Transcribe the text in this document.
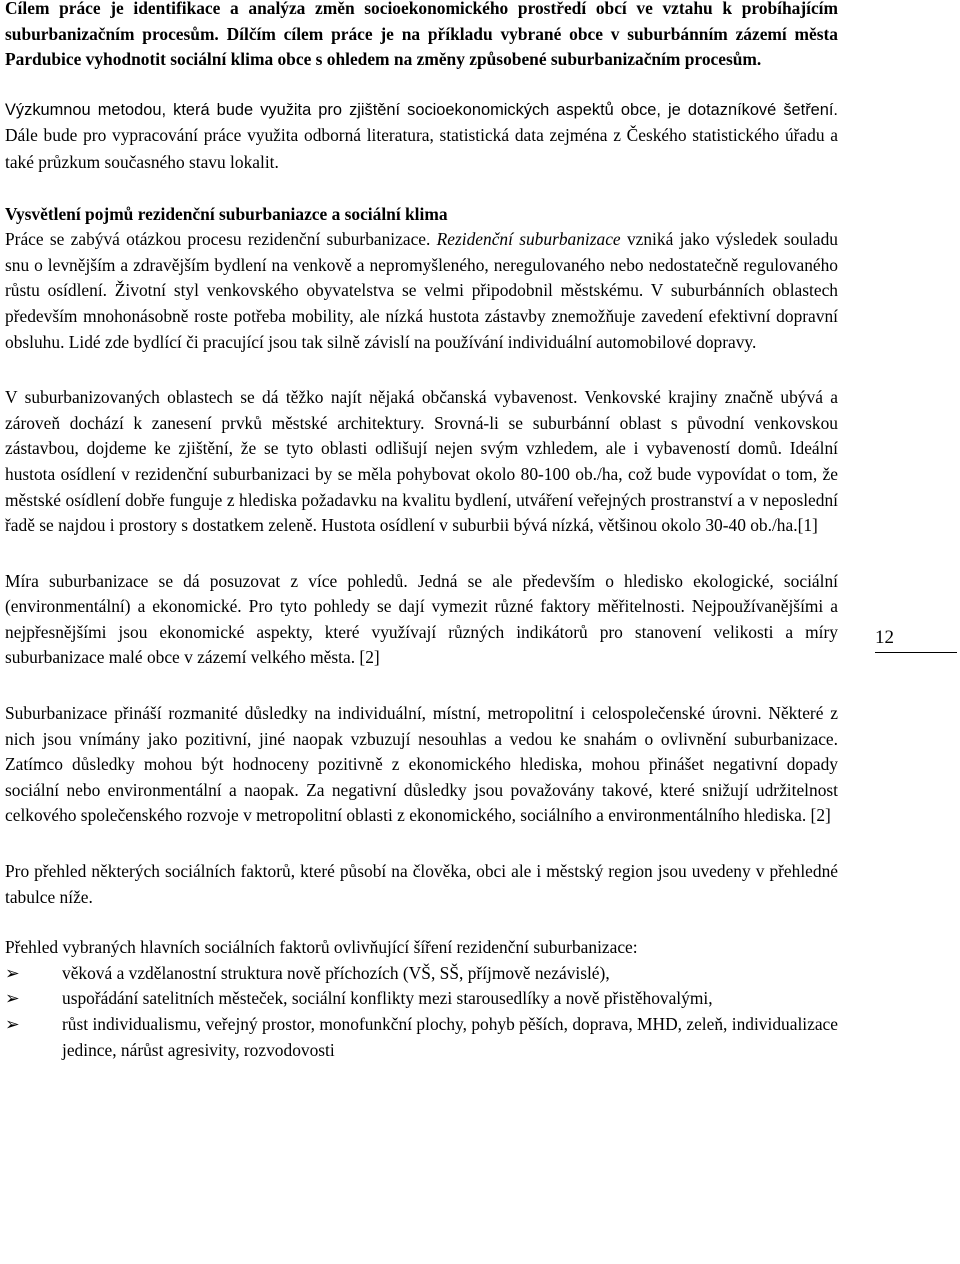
Cílem práce je identifikace a analýza změn socioekonomického prostředí obcí ve vztahu k probíhajícím suburbanizačním procesům. Dílčím cílem práce je na příkladu vybrané obce v suburbánním zázemí města Pardubice vyhodnotit sociální klima obce s ohledem na změny způsobené suburbanizačním procesům.

Výzkumnou metodou, která bude využita pro zjištění socioekonomických aspektů obce, je dotazníkové šetření. Dále bude pro vypracování práce využita odborná literatura, statistická data zejména z Českého statistického úřadu a také průzkum současného stavu lokalit.

Vysvětlení pojmů rezidenční suburbaniazce a sociální klima

Práce se zabývá otázkou procesu rezidenční suburbanizace. Rezidenční suburbanizace vzniká jako výsledek souladu snu o levnějším a zdravějším bydlení na venkově a nepromyšleného, neregulovaného nebo nedostatečně regulovaného růstu osídlení. Životní styl venkovského obyvatelstva se velmi připodobnil městskému. V suburbánních oblastech především mnohonásobně roste potřeba mobility, ale nízká hustota zástavby znemožňuje zavedení efektivní dopravní obsluhu. Lidé zde bydlící či pracující jsou tak silně závislí na používání individuální automobilové dopravy.

V suburbanizovaných oblastech se dá těžko najít nějaká občanská vybavenost. Venkovské krajiny značně ubývá a zároveň dochází k zanesení prvků městské architektury. Srovná-li se suburbánní oblast s původní venkovskou zástavbou, dojdeme ke zjištění, že se tyto oblasti odlišují nejen svým vzhledem, ale i vybaveností domů. Ideální hustota osídlení v rezidenční suburbanizaci by se měla pohybovat okolo 80-100 ob./ha, což bude vypovídat o tom, že městské osídlení dobře funguje z hlediska požadavku na kvalitu bydlení, utváření veřejných prostranství a v neposlední řadě se najdou i prostory s dostatkem zeleně. Hustota osídlení v suburbii bývá nízká, většinou okolo 30-40 ob./ha.[1]

Míra suburbanizace se dá posuzovat z více pohledů. Jedná se ale především o hledisko ekologické, sociální (environmentální) a ekonomické. Pro tyto pohledy se dají vymezit různé faktory měřitelnosti. Nejpoužívanějšími a nejpřesnějšími jsou ekonomické aspekty, které využívají různých indikátorů pro stanovení velikosti a míry suburbanizace malé obce v zázemí velkého města. [2]

Suburbanizace přináší rozmanité důsledky na individuální, místní, metropolitní i celospolečenské úrovni. Některé z nich jsou vnímány jako pozitivní, jiné naopak vzbuzují nesouhlas a vedou ke snahám o ovlivnění suburbanizace. Zatímco důsledky mohou být hodnoceny pozitivně z ekonomického hlediska, mohou přinášet negativní dopady sociální nebo environmentální a naopak. Za negativní důsledky jsou považovány takové, které snižují udržitelnost celkového společenského rozvoje v metropolitní oblasti z ekonomického, sociálního a environmentálního hlediska. [2]

Pro přehled některých sociálních faktorů, které působí na člověka, obci ale i městský region jsou uvedeny v přehledné tabulce níže.

Přehled vybraných hlavních sociálních faktorů ovlivňující šíření rezidenční suburbanizace:

➢	věková a vzdělanostní struktura nově příchozích (VŠ, SŠ, příjmově nezávislé),
➢	uspořádání satelitních městeček, sociální konflikty mezi starousedlíky a nově přistěhovalými,
➢	růst individualismu, veřejný prostor, monofunkční plochy, pohyb pěších, doprava, MHD, zeleň, individualizace jedince, nárůst agresivity, rozvodovosti
12
